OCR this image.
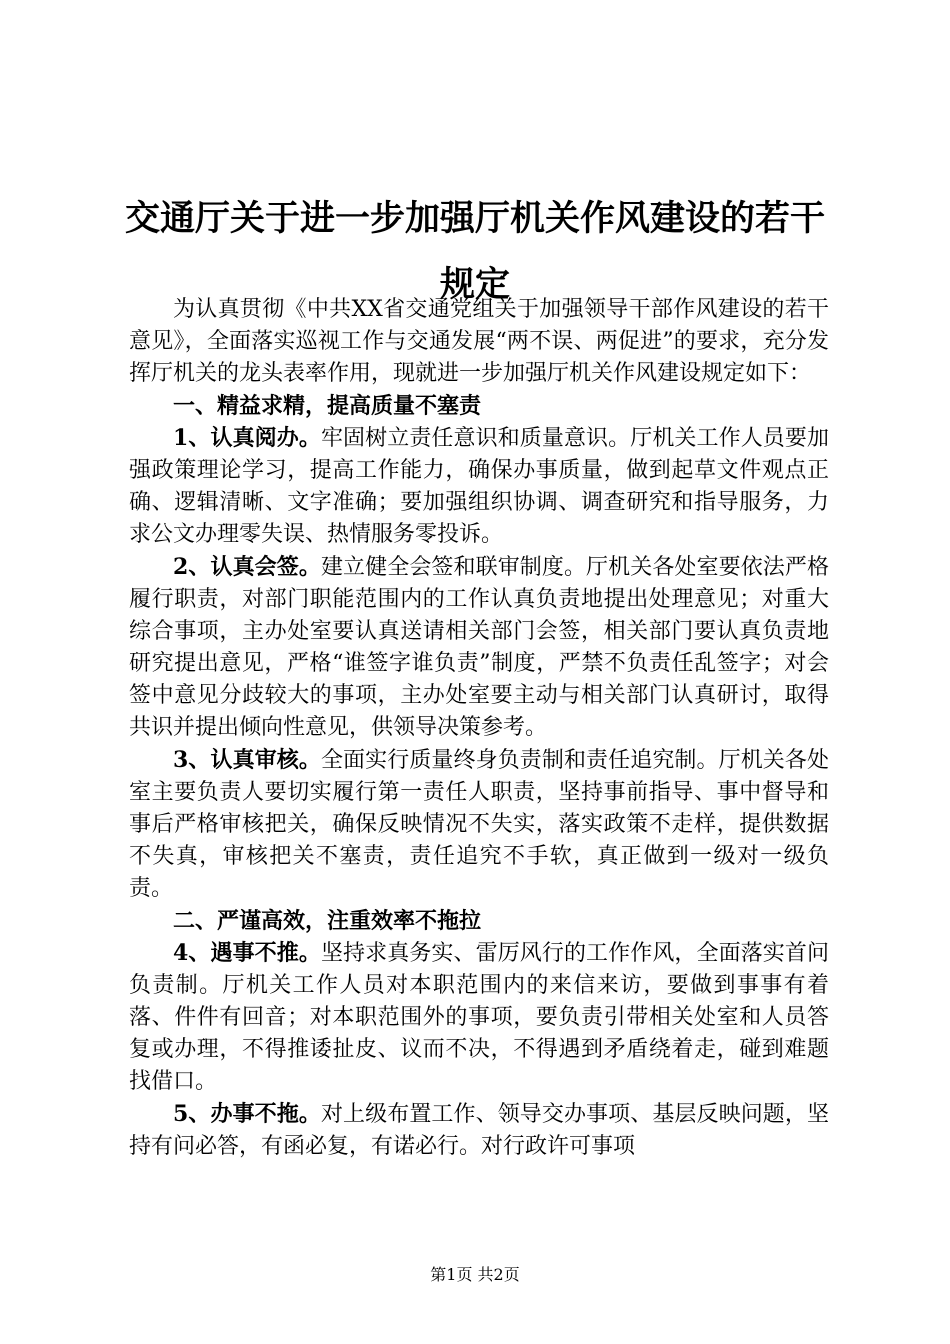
交通厅关于进一步加强厅机关作风建设的若干规定

为认真贯彻《中共XX省交通党组关于加强领导干部作风建设的若干意见》，全面落实巡视工作与交通发展“两不误、两促进”的要求，充分发挥厅机关的龙头表率作用，现就进一步加强厅机关作风建设规定如下：

一、精益求精，提高质量不塞责

1、认真阅办。牢固树立责任意识和质量意识。厅机关工作人员要加强政策理论学习，提高工作能力，确保办事质量，做到起草文件观点正确、逻辑清晰、文字准确；要加强组织协调、调查研究和指导服务，力求公文办理零失误、热情服务零投诉。

2、认真会签。建立健全会签和联审制度。厅机关各处室要依法严格履行职责，对部门职能范围内的工作认真负责地提出处理意见；对重大综合事项，主办处室要认真送请相关部门会签，相关部门要认真负责地研究提出意见，严格“谁签字谁负责”制度，严禁不负责任乱签字；对会签中意见分歧较大的事项，主办处室要主动与相关部门认真研讨，取得共识并提出倾向性意见，供领导决策参考。

3、认真审核。全面实行质量终身负责制和责任追究制。厅机关各处室主要负责人要切实履行第一责任人职责，坚持事前指导、事中督导和事后严格审核把关，确保反映情况不失实，落实政策不走样，提供数据不失真，审核把关不塞责，责任追究不手软，真正做到一级对一级负责。

二、严谨高效，注重效率不拖拉

4、遇事不推。坚持求真务实、雷厉风行的工作作风，全面落实首问负责制。厅机关工作人员对本职范围内的来信来访，要做到事事有着落、件件有回音；对本职范围外的事项，要负责引带相关处室和人员答复或办理，不得推诿扯皮、议而不决，不得遇到矛盾绕着走，碰到难题找借口。

5、办事不拖。对上级布置工作、领导交办事项、基层反映问题，坚持有问必答，有函必复，有诺必行。对行政许可事项

第1页 共2页
